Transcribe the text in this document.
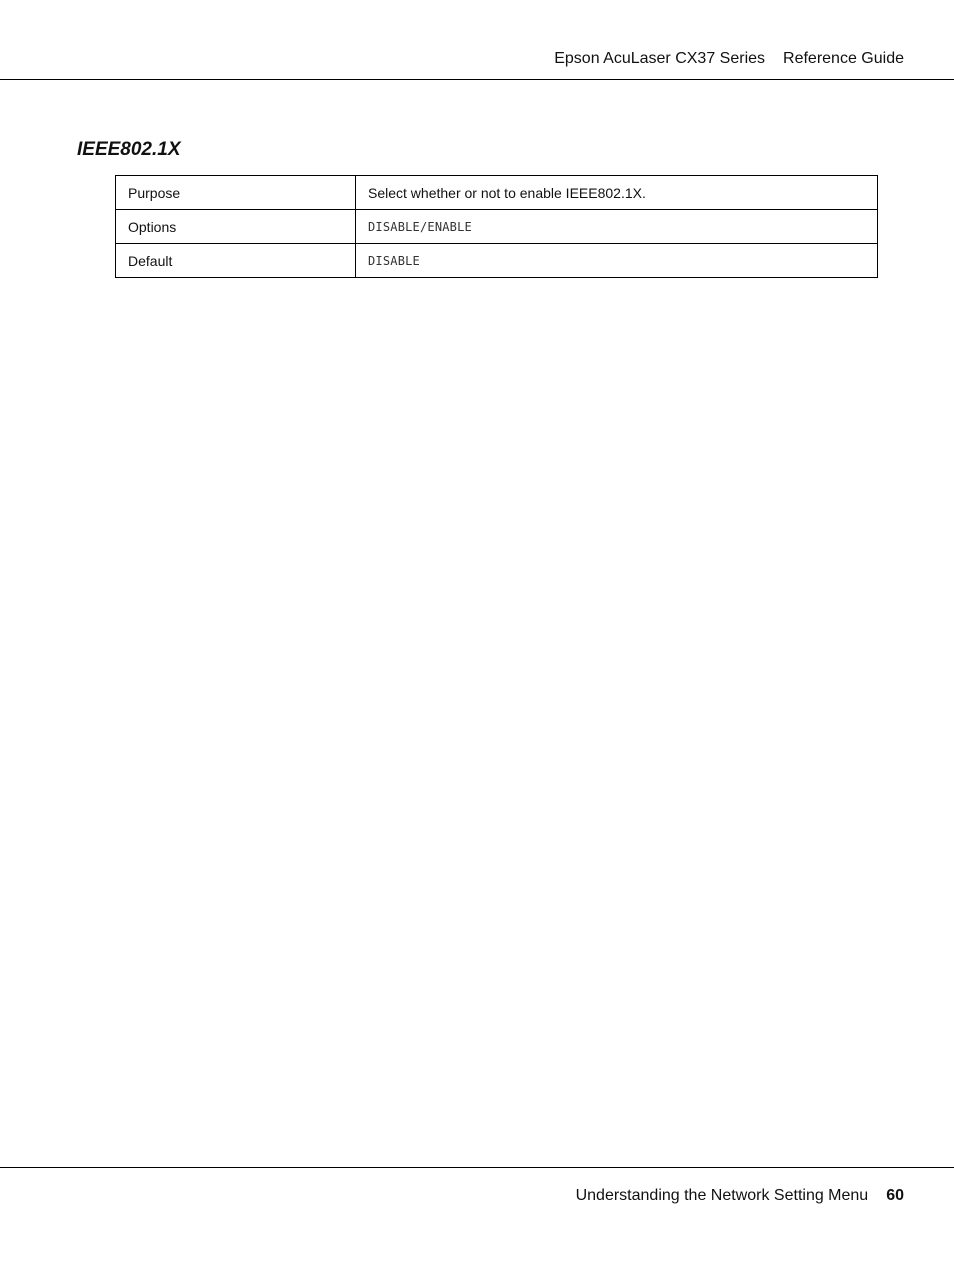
Epson AcuLaser CX37 Series Reference Guide
IEEE802.1X
Purpose	Select whether or not to enable IEEE802.1X.
Options	DISABLE/ENABLE
Default	DISABLE
Understanding the Network Setting Menu 60
